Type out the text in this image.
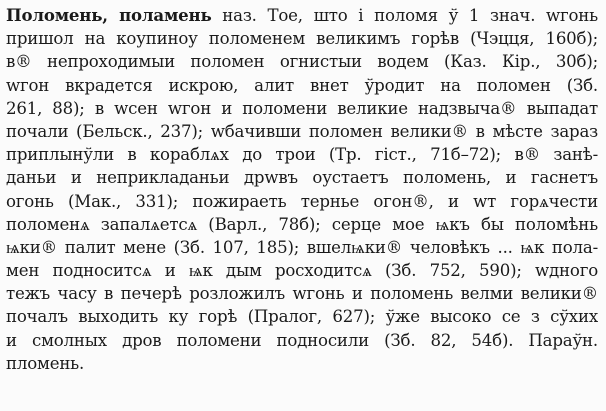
Поломень, поламень наз. Тое, што і поломя ў 1 знач. wгонь
пришол на коупиноу поломенем великимъ горѣв (Чэцця, 160б);
в® непроходимыи поломен огнистыи водем (Каз. Кір., 30б);
wгон вкрадется искрою, алит внет ўродит на поломен (Зб.
261, 88); в wсен wгон и поломени великие надзвыча® выпадат
почали (Бельск., 237); wбачивши поломен велики® в мѣсте зараз
приплынўли в кораблѧх до трои (Тр. гіст., 71б–72); в® занѣ-
даньи и неприкладаньи дрwвъ оустаетъ поломень, и гаснетъ
огонь (Мак., 331); пожираеть тернье огон®, и wт горѧчести
поломенѧ запалѧетсѧ (Варл., 78б); серце мое ѩкъ бы поломѣнь
ѩки® палит мене (Зб. 107, 185); вшелѩки® человѣкъ ... ѩк пола-
мен подноситсѧ и ѩк дым росходитсѧ (Зб. 752, 590); wдного
тежъ часу в печерѣ розложилъ wгонь и поломень велми велики®
почалъ выходить ку горѣ (Пралог, 627); ўже высоко се з сўхих
и смолных дров поломени подносили (Зб. 82, 54б). Параўн.
пломень.
